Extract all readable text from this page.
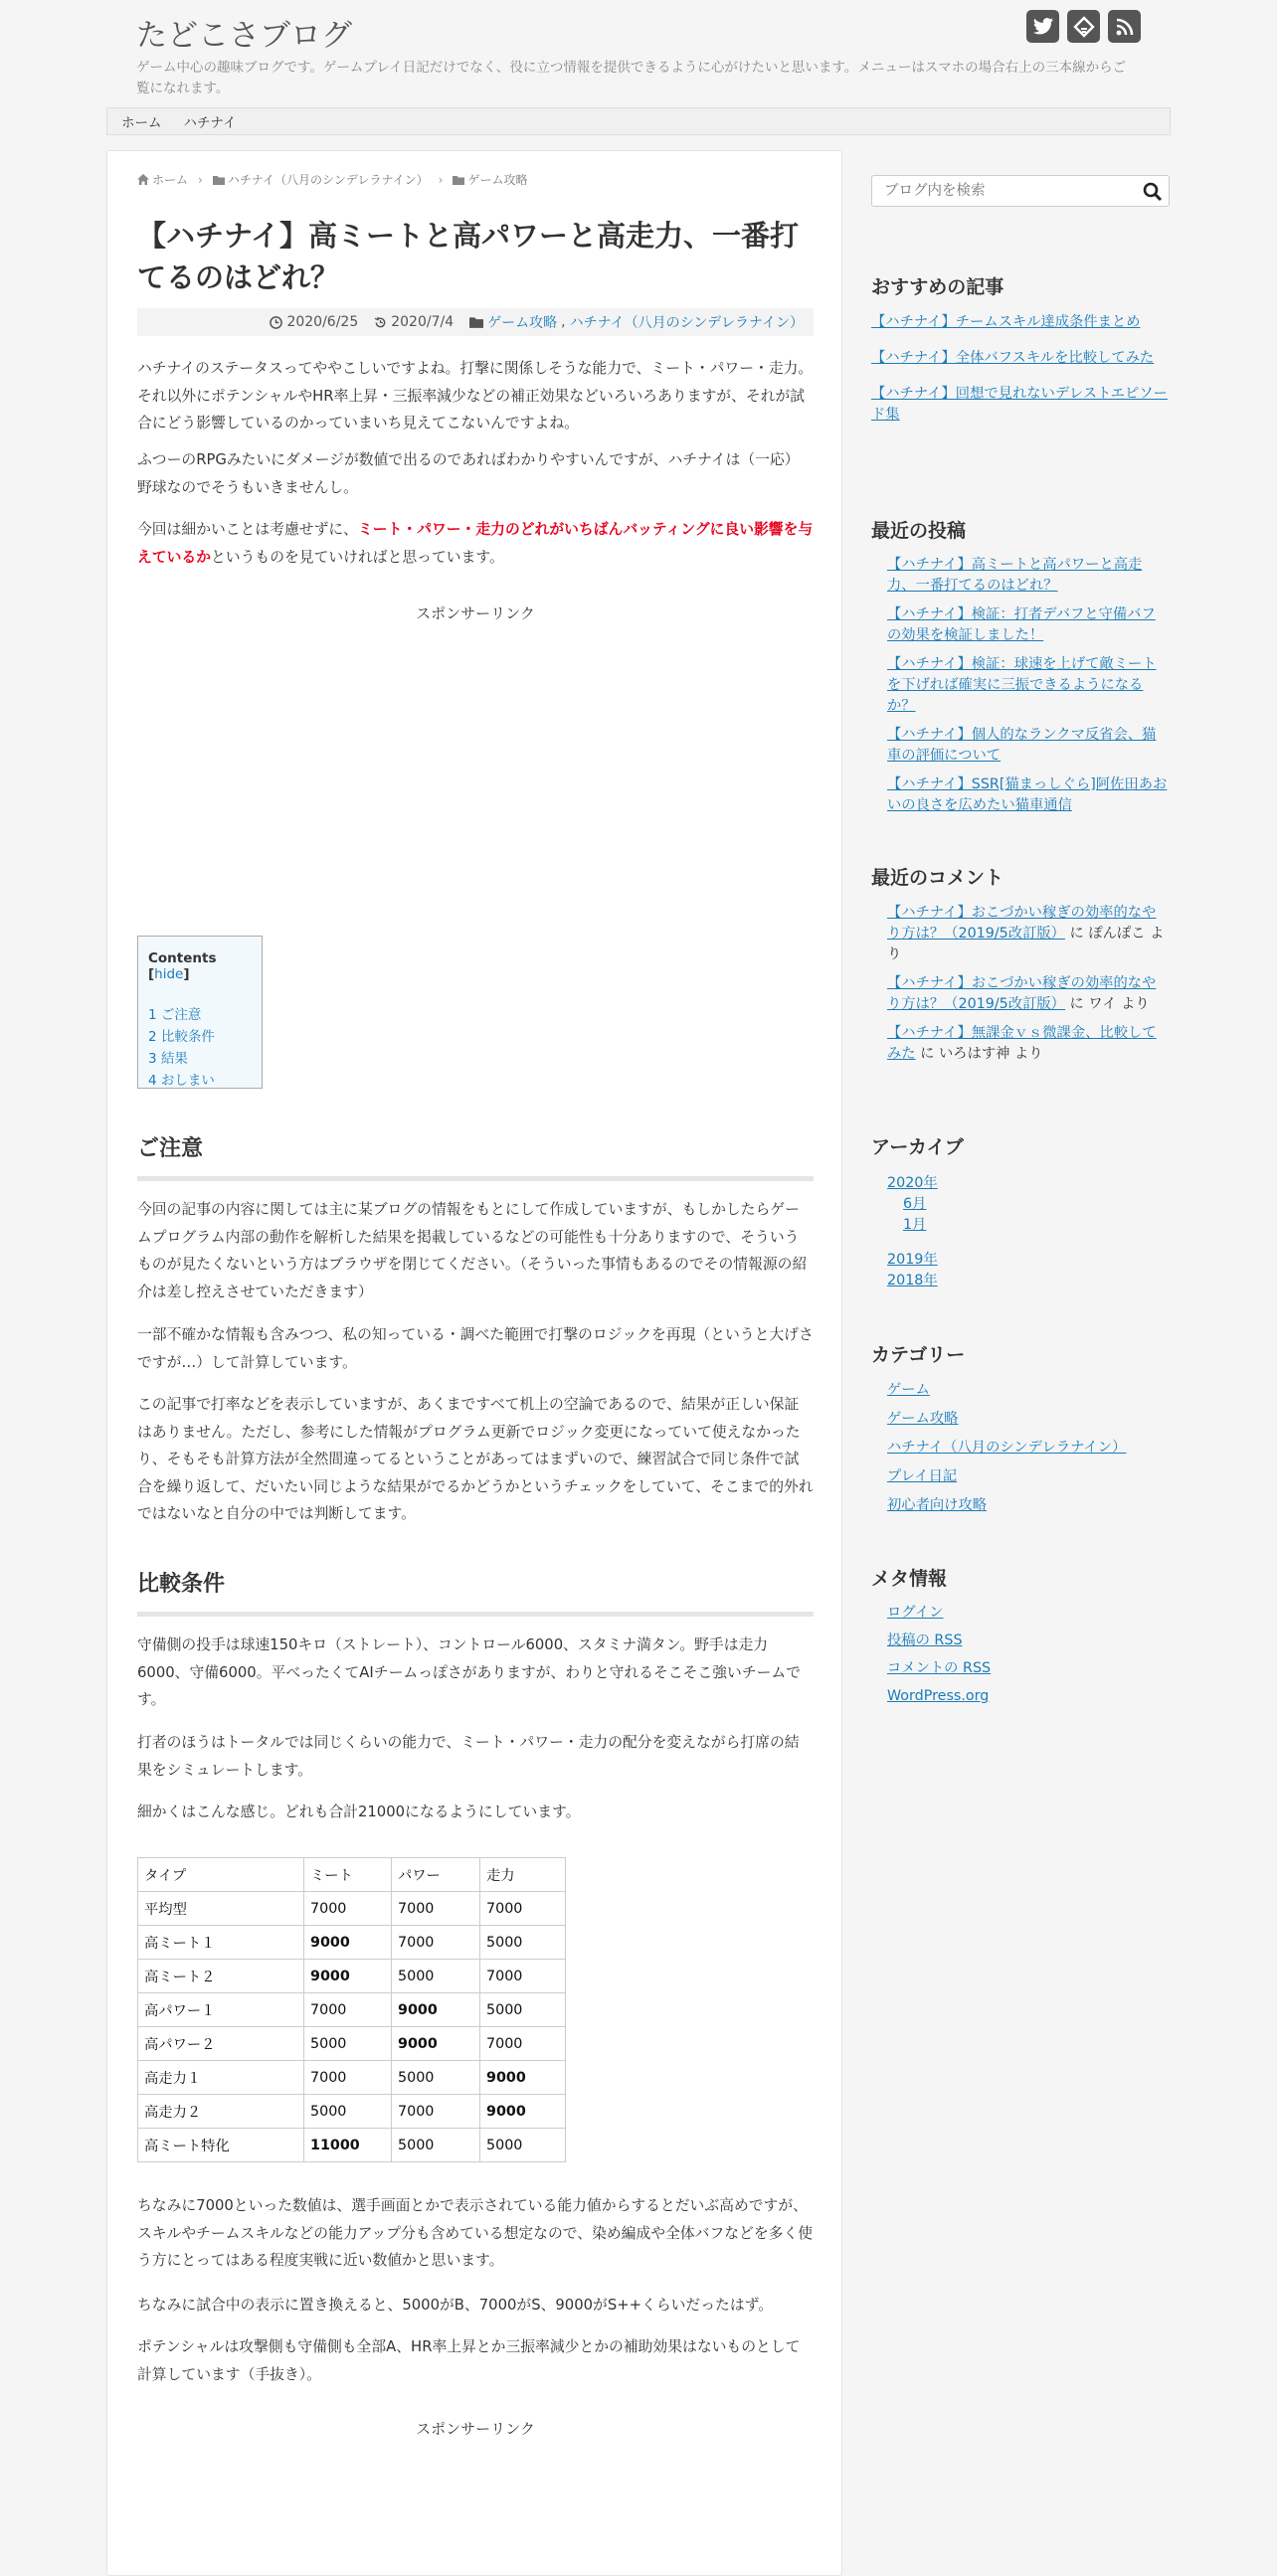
たどこさブログ

ゲーム中心の趣味ブログです。ゲームプレイ日記だけでなく、役に立つ情報を提供できるように心がけたいと思います。メニューはスマホの場合右上の三本線からご覧になれます。

ホーム	ハチナイ
ホーム › ハチナイ（八月のシンデレラナイン） › ゲーム攻略
【ハチナイ】高ミートと高パワーと高走力、一番打てるのはどれ？
2020/6/25 2020/7/4 ゲーム攻略 , ハチナイ（八月のシンデレラナイン）

ハチナイのステータスってややこしいですよね。打撃に関係しそうな能力で、ミート・パワー・走力。それ以外にポテンシャルやHR率上昇・三振率減少などの補正効果などいろいろありますが、それが試合にどう影響しているのかっていまいち見えてこないんですよね。

ふつーのRPGみたいにダメージが数値で出るのであればわかりやすいんですが、ハチナイは（一応）野球なのでそうもいきませんし。

今回は細かいことは考慮せずに、ミート・パワー・走力のどれがいちばんバッティングに良い影響を与えているかというものを見ていければと思っています。

スポンサーリンク
Contents [hide]
1 ご注意
2 比較条件
3 結果
4 おしまい
ご注意

今回の記事の内容に関しては主に某ブログの情報をもとにして作成していますが、もしかしたらゲームプログラム内部の動作を解析した結果を掲載しているなどの可能性も十分ありますので、そういうものが見たくないという方はブラウザを閉じてください。（そういった事情もあるのでその情報源の紹介は差し控えさせていただきます）

一部不確かな情報も含みつつ、私の知っている・調べた範囲で打撃のロジックを再現（というと大げさですが…）して計算しています。

この記事で打率などを表示していますが、あくまですべて机上の空論であるので、結果が正しい保証はありません。ただし、参考にした情報がプログラム更新でロジック変更になっていて使えなかったり、そもそも計算方法が全然間違ってるということがあってはまずいので、練習試合で同じ条件で試合を繰り返して、だいたい同じような結果がでるかどうかというチェックをしていて、そこまで的外れではないなと自分の中では判断してます。

比較条件

守備側の投手は球速150キロ（ストレート）、コントロール6000、スタミナ満タン。野手は走力6000、守備6000。平べったくてAIチームっぽさがありますが、わりと守れるそこそこ強いチームです。

打者のほうはトータルでは同じくらいの能力で、ミート・パワー・走力の配分を変えながら打席の結果をシミュレートします。

細かくはこんな感じ。どれも合計21000になるようにしています。

タイプ	ミート	パワー	走力
平均型	7000	7000	7000
高ミート１	9000	7000	5000
高ミート２	9000	5000	7000
高パワー１	7000	9000	5000
高パワー２	5000	9000	7000
高走力１	7000	5000	9000
高走力２	5000	7000	9000
高ミート特化	11000	5000	5000

ちなみに7000といった数値は、選手画面とかで表示されている能力値からするとだいぶ高めですが、スキルやチームスキルなどの能力アップ分も含めている想定なので、染め編成や全体バフなどを多く使う方にとってはある程度実戦に近い数値かと思います。

ちなみに試合中の表示に置き換えると、5000がB、7000がS、9000がS++くらいだったはず。

ポテンシャルは攻撃側も守備側も全部A、HR率上昇とか三振率減少とかの補助効果はないものとして計算しています（手抜き）。

スポンサーリンク
ブログ内を検索
おすすめの記事
【ハチナイ】チームスキル達成条件まとめ
【ハチナイ】全体バフスキルを比較してみた
【ハチナイ】回想で見れないデレストエピソード集
最近の投稿
【ハチナイ】高ミートと高パワーと高走力、一番打てるのはどれ？
【ハチナイ】検証：打者デバフと守備バフの効果を検証しました！
【ハチナイ】検証：球速を上げて敵ミートを下げれば確実に三振できるようになるか？
【ハチナイ】個人的なランクマ反省会、猫車の評価について
【ハチナイ】SSR[猫まっしぐら]阿佐田あおいの良さを広めたい猫車通信
最近のコメント
【ハチナイ】おこづかい稼ぎの効率的なやり方は？（2019/5改訂版） に ぽんぽこ より
【ハチナイ】おこづかい稼ぎの効率的なやり方は？（2019/5改訂版） に ワイ より
【ハチナイ】無課金ｖｓ微課金、比較してみた に いろはす神 より
アーカイブ
2020年
6月
1月
2019年
2018年
カテゴリー
ゲーム
ゲーム攻略
ハチナイ（八月のシンデレラナイン）
プレイ日記
初心者向け攻略
メタ情報
ログイン
投稿の RSS
コメントの RSS
WordPress.org
